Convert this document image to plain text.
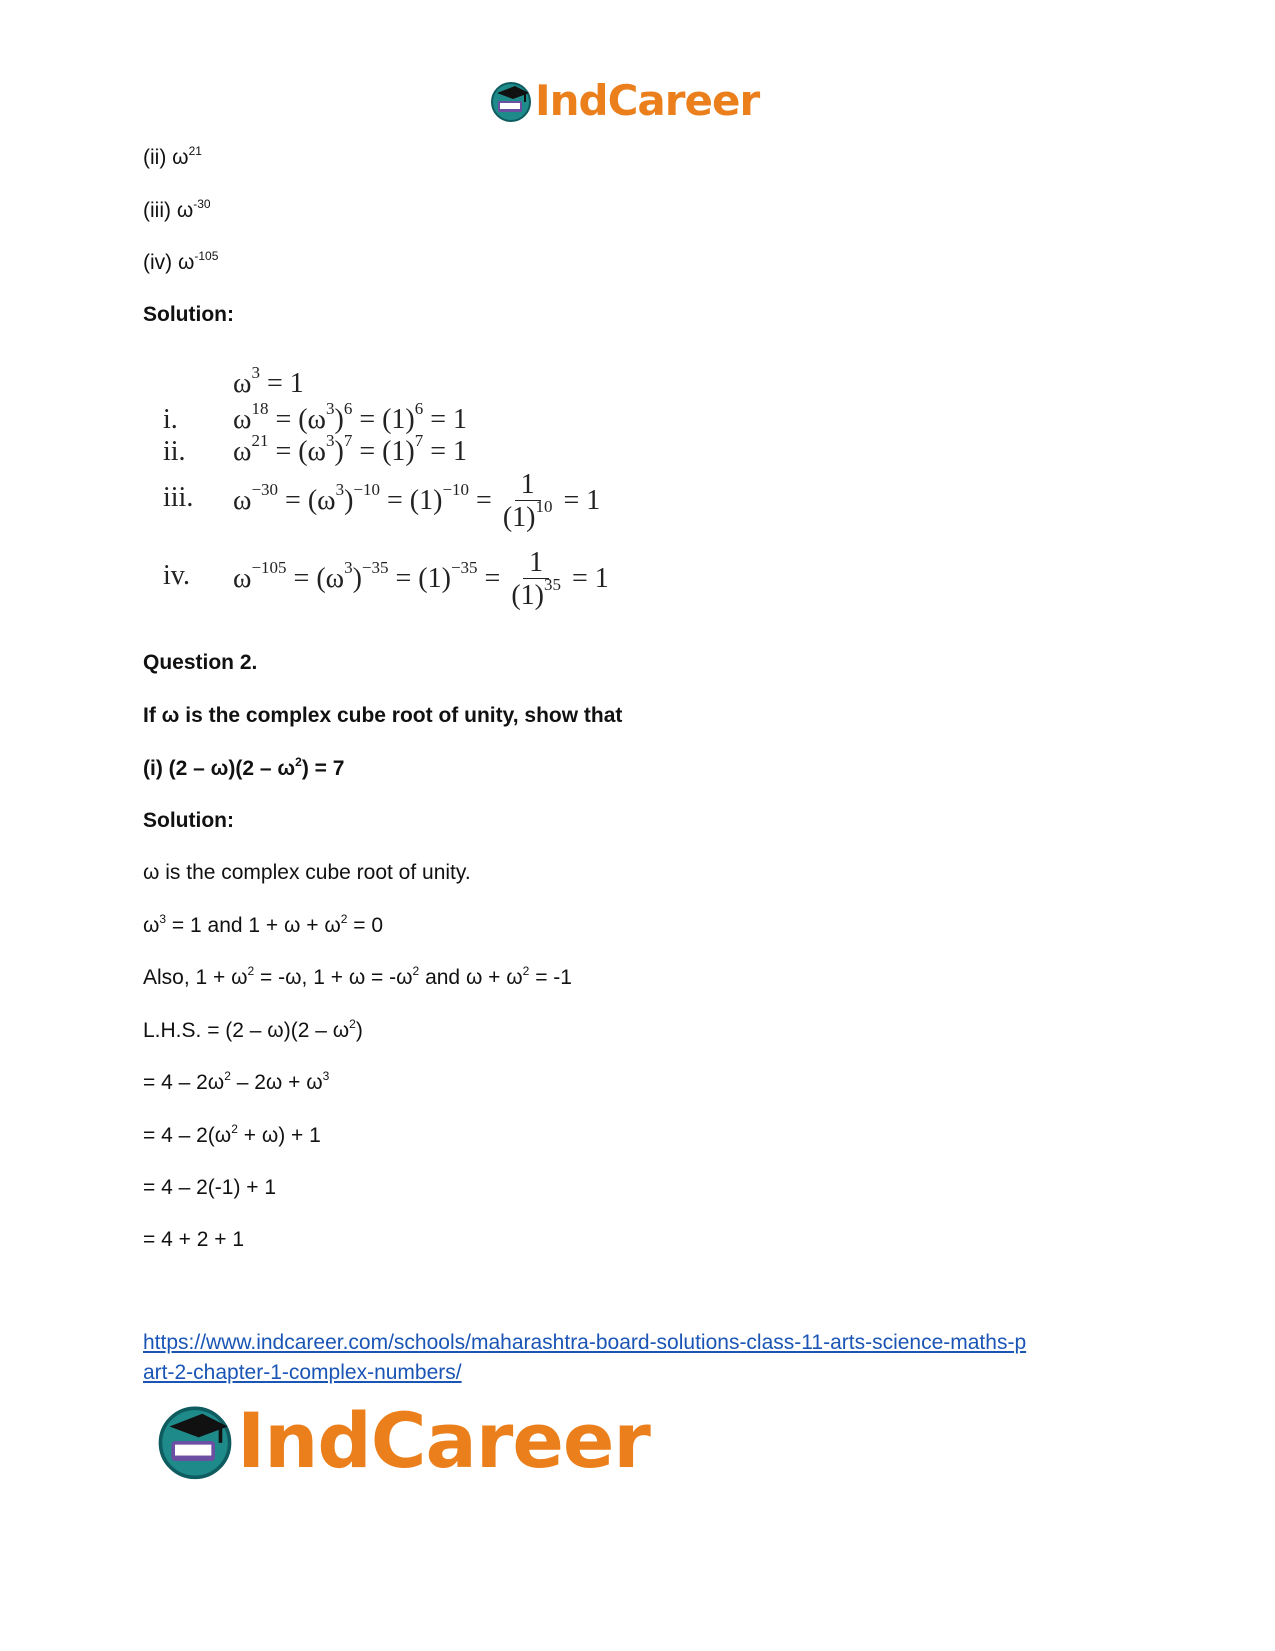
IndCareer
(ii) $\omega^{21}$
(iii) $\omega^{-30}$
(iv) $\omega^{-105}$
Solution:
$\omega^3 = 1$
i. $\omega^{18} = (\omega^3)^6 = (1)^6 = 1$
ii. $\omega^{21} = (\omega^3)^7 = (1)^7 = 1$
iii. $\omega^{-30} = (\omega^3)^{-10} = (1)^{-10} = \frac{1}{(1)^{10}} = 1$
iv. $\omega^{-105} = (\omega^3)^{-35} = (1)^{-35} = \frac{1}{(1)^{35}} = 1$
Question 2.
If ω is the complex cube root of unity, show that
(i) $(2 - \omega)(2 - \omega^2) = 7$
Solution:
ω is the complex cube root of unity.
$\omega^3 = 1$ and $1 + \omega + \omega^2 = 0$
Also, $1 + \omega^2 = -\omega$, $1 + \omega = -\omega^2$ and $\omega + \omega^2 = -1$
L.H.S. = $(2 - \omega)(2 - \omega^2)$
= $4 - 2\omega^2 - 2\omega + \omega^3$
= $4 - 2(\omega^2 + \omega) + 1$
= 4 – 2(-1) + 1
= 4 + 2 + 1
https://www.indcareer.com/schools/maharashtra-board-solutions-class-11-arts-science-maths-p
art-2-chapter-1-complex-numbers/
IndCareer
